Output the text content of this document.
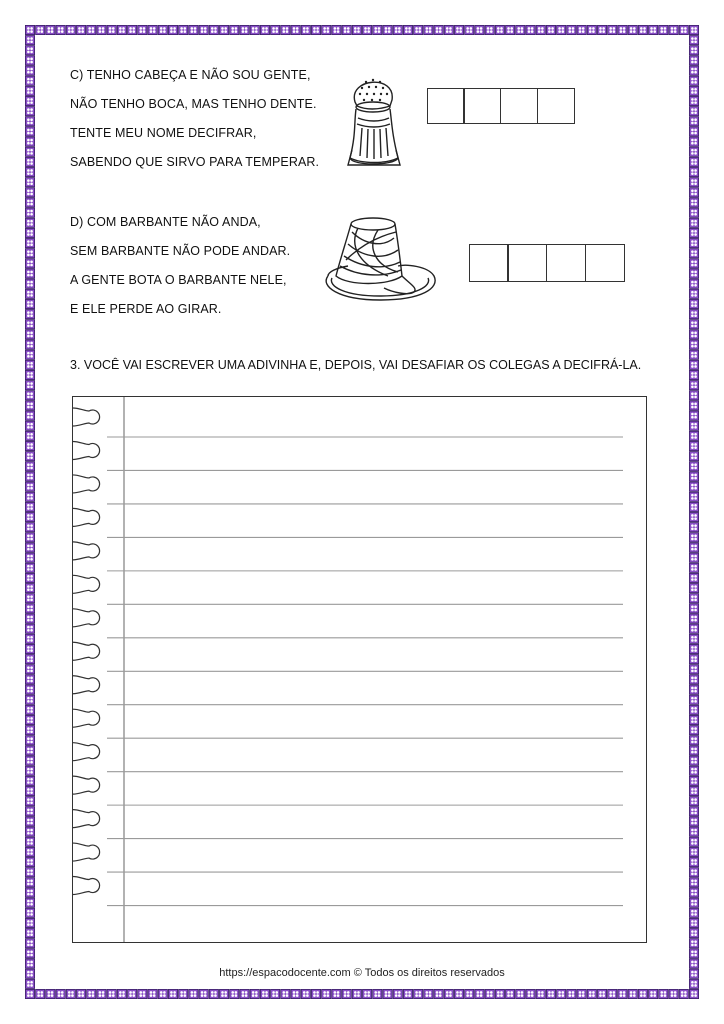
C) TENHO CABEÇA E NÃO SOU GENTE,
NÃO TENHO BOCA, MAS TENHO DENTE.
TENTE MEU NOME DECIFRAR,
SABENDO QUE SIRVO PARA TEMPERAR.
D) COM BARBANTE NÃO ANDA,
SEM BARBANTE NÃO PODE ANDAR.
A GENTE BOTA O BARBANTE NELE,
E ELE PERDE AO GIRAR.
3. VOCÊ VAI ESCREVER UMA ADIVINHA E, DEPOIS, VAI DESAFIAR OS COLEGAS A DECIFRÁ-LA.
https://espacodocente.com © Todos os direitos reservados
